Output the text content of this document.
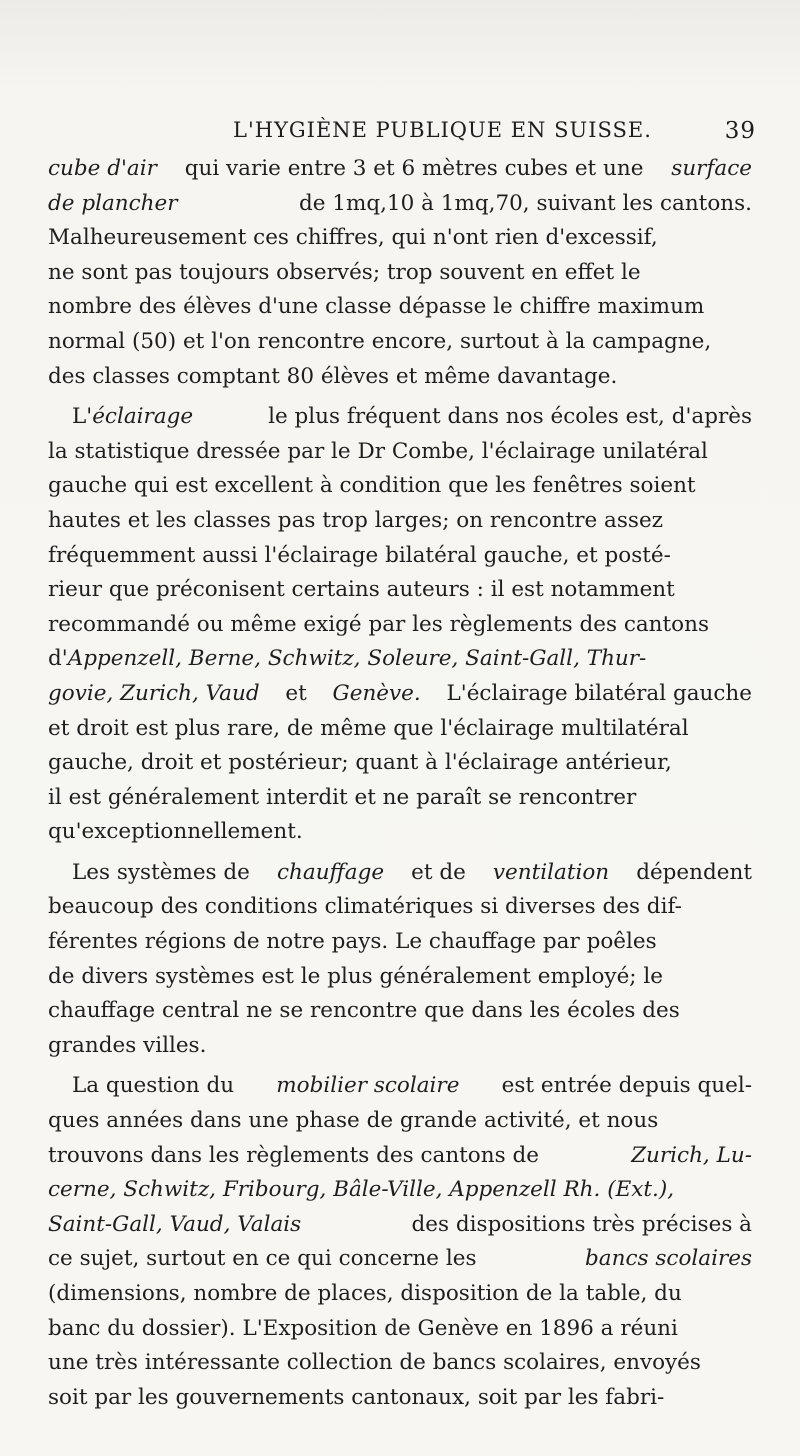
L'HYGIÈNE PUBLIQUE EN SUISSE.	39
cube d'air qui varie entre 3 et 6 mètres cubes et une surface
de plancher	de 1mq,10 à 1mq,70, suivant les cantons.
Malheureusement ces chiffres, qui n'ont rien d'excessif,
ne sont pas toujours observés; trop souvent en effet le
nombre des élèves d'une classe dépasse le chiffre maximum
normal (50) et l'on rencontre encore, surtout à la campagne,
des classes comptant 80 élèves et même davantage.
L'éclairage	le plus fréquent dans nos écoles est, d'après
la statistique dressée par le Dr Combe, l'éclairage unilatéral
gauche qui est excellent à condition que les fenêtres soient
hautes et les classes pas trop larges; on rencontre assez
fréquemment aussi l'éclairage bilatéral gauche, et posté-
rieur que préconisent certains auteurs : il est notamment
recommandé ou même exigé par les règlements des cantons
d'Appenzell, Berne, Schwitz, Soleure, Saint-Gall, Thur-
govie, Zurich, Vaud et Genève. L'éclairage bilatéral gauche
et droit est plus rare, de même que l'éclairage multilatéral
gauche, droit et postérieur; quant à l'éclairage antérieur,
il est généralement interdit et ne paraît se rencontrer
qu'exceptionnellement.
Les systèmes de chauffage et de ventilation dépendent
beaucoup des conditions climatériques si diverses des dif-
férentes régions de notre pays. Le chauffage par poêles
de divers systèmes est le plus généralement employé; le
chauffage central ne se rencontre que dans les écoles des
grandes villes.
La question du mobilier scolaire est entrée depuis quel-
ques années dans une phase de grande activité, et nous
trouvons dans les règlements des cantons de	Zurich, Lu-
cerne, Schwitz, Fribourg, Bâle-Ville, Appenzell Rh. (Ext.),
Saint-Gall, Vaud, Valais	des dispositions très précises à
ce sujet, surtout en ce qui concerne les	bancs scolaires
(dimensions, nombre de places, disposition de la table, du
banc du dossier). L'Exposition de Genève en 1896 a réuni
une très intéressante collection de bancs scolaires, envoyés
soit par les gouvernements cantonaux, soit par les fabri-
